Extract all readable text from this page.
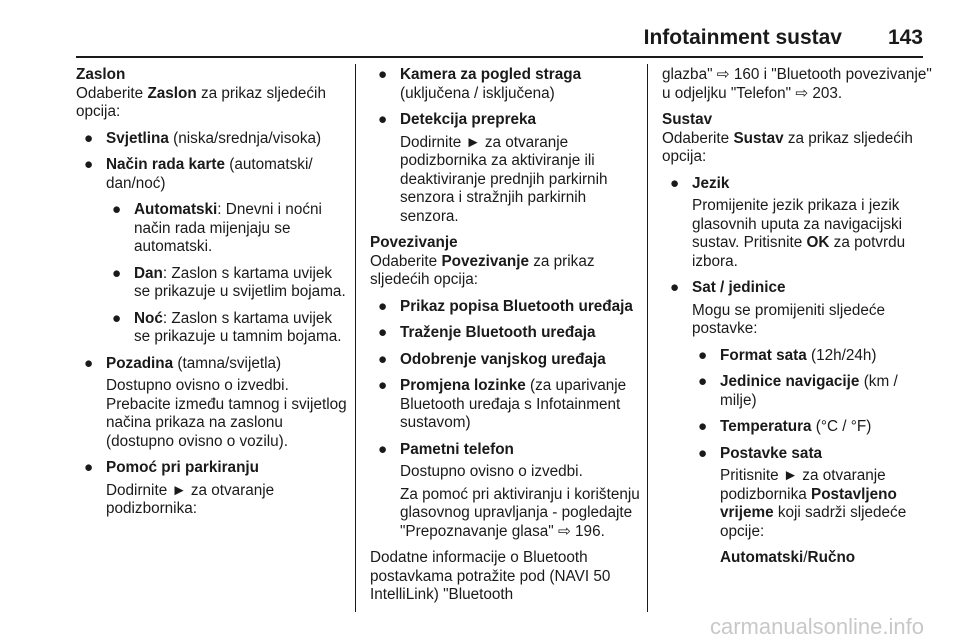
Infotainment sustav 143
Zaslon
Odaberite Zaslon za prikaz sljedećih opcija:
● Svjetlina (niska/srednja/visoka)
● Način rada karte (automatski/ dan/noć)
● Automatski: Dnevni i noćni način rada mijenjaju se automatski.
● Dan: Zaslon s kartama uvijek se prikazuje u svijetlim bojama.
● Noć: Zaslon s kartama uvijek se prikazuje u tamnim bojama.
● Pozadina (tamna/svijetla)

Dostupno ovisno o izvedbi. Prebacite između tamnog i svijetlog načina prikaza na zaslonu (dostupno ovisno o vozilu).

● Pomoć pri parkiranju

Dodirnite ► za otvaranje podizbornika:

● Kamera za pogled straga
(uključena / isključena)
● Detekcija prepreka

Dodirnite ► za otvaranje podizbornika za aktiviranje ili deaktiviranje prednjih parkirnih senzora i stražnjih parkirnih senzora.

Povezivanje
Odaberite Povezivanje za prikaz sljedećih opcija:
● Prikaz popisa Bluetooth uređaja
● Traženje Bluetooth uređaja
● Odobrenje vanjskog uređaja
● Promjena lozinke (za uparivanje Bluetooth uređaja s Infotainment sustavom)
● Pametni telefon

Dostupno ovisno o izvedbi.

Za pomoć pri aktiviranju i korištenju glasovnog upravljanja - pogledajte "Prepoznavanje glasa" ⇨ 196.

Dodatne informacije o Bluetooth postavkama potražite pod (NAVI 50 IntelliLink) "Bluetooth

glazba" ⇨ 160 i "Bluetooth povezivanje" u odjeljku "Telefon" ⇨ 203.

Sustav
Odaberite Sustav za prikaz sljedećih opcija:
● Jezik

Promijenite jezik prikaza i jezik glasovnih uputa za navigacijski sustav. Pritisnite OK za potvrdu izbora.

● Sat / jedinice

Mogu se promijeniti sljedeće postavke:

● Format sata (12h/24h)
● Jedinice navigacije (km / milje)
● Temperatura (°C / °F)
● Postavke sata

Pritisnite ► za otvaranje podizbornika Postavljeno vrijeme koji sadrži sljedeće opcije:

Automatski/Ručno

carmanualsonline.info
